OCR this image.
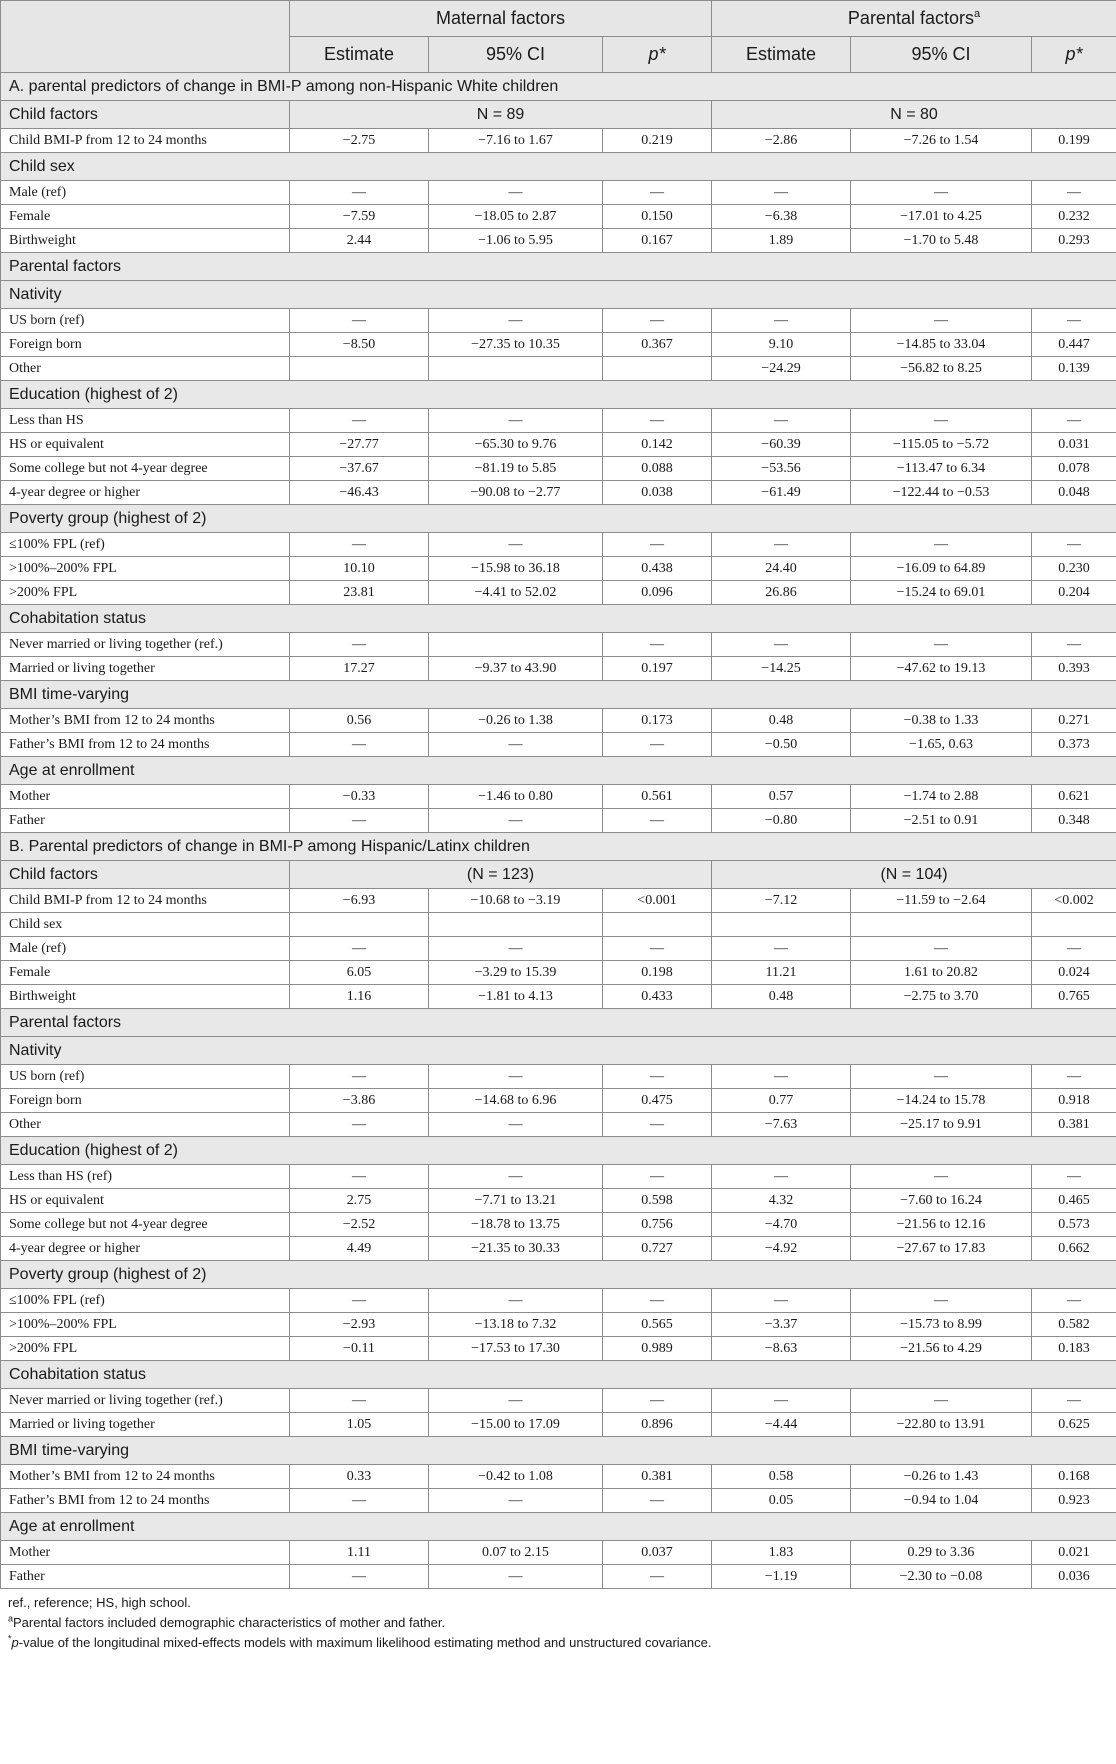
	Maternal factors			Parental factors$^a$
	Estimate	95% CI	p*	Estimate	95% CI	p*
A. parental predictors of change in BMI-P among non-Hispanic White children						
Child factors	N = 89			N = 80		
Child BMI-P from 12 to 24 months	−2.75	−7.16 to 1.67	0.219	−2.86	−7.26 to 1.54	0.199
Child sex						
Male (ref)	—	—	—	—	—	—
Female	−7.59	−18.05 to 2.87	0.150	−6.38	−17.01 to 4.25	0.232
Birthweight	2.44	−1.06 to 5.95	0.167	1.89	−1.70 to 5.48	0.293
Parental factors						
Nativity						
US born (ref)	—	—	—	—	—	—
Foreign born	−8.50	−27.35 to 10.35	0.367	9.10	−14.85 to 33.04	0.447
Other				−24.29	−56.82 to 8.25	0.139
Education (highest of 2)						
Less than HS	—	—	—	—	—	—
HS or equivalent	−27.77	−65.30 to 9.76	0.142	−60.39	−115.05 to −5.72	0.031
Some college but not 4-year degree	−37.67	−81.19 to 5.85	0.088	−53.56	−113.47 to 6.34	0.078
4-year degree or higher	−46.43	−90.08 to −2.77	0.038	−61.49	−122.44 to −0.53	0.048
Poverty group (highest of 2)						
≤100% FPL (ref)	—	—	—	—	—	—
>100%–200% FPL	10.10	−15.98 to 36.18	0.438	24.40	−16.09 to 64.89	0.230
>200% FPL	23.81	−4.41 to 52.02	0.096	26.86	−15.24 to 69.01	0.204
Cohabitation status						
Never married or living together (ref.)	—		—	—	—	—
Married or living together	17.27	−9.37 to 43.90	0.197	−14.25	−47.62 to 19.13	0.393
BMI time-varying						
Mother’s BMI from 12 to 24 months	0.56	−0.26 to 1.38	0.173	0.48	−0.38 to 1.33	0.271
Father’s BMI from 12 to 24 months	—	—	—	−0.50	−1.65, 0.63	0.373
Age at enrollment						
Mother	−0.33	−1.46 to 0.80	0.561	0.57	−1.74 to 2.88	0.621
Father	—	—	—	−0.80	−2.51 to 0.91	0.348
B. Parental predictors of change in BMI-P among Hispanic/Latinx children						
Child factors	(N = 123)			(N = 104)		
Child BMI-P from 12 to 24 months	−6.93	−10.68 to −3.19	<0.001	−7.12	−11.59 to −2.64	<0.002
Child sex						
Male (ref)	—	—	—	—	—	—
Female	6.05	−3.29 to 15.39	0.198	11.21	1.61 to 20.82	0.024
Birthweight	1.16	−1.81 to 4.13	0.433	0.48	−2.75 to 3.70	0.765
Parental factors						
Nativity						
US born (ref)	—	—	—	—	—	—
Foreign born	−3.86	−14.68 to 6.96	0.475	0.77	−14.24 to 15.78	0.918
Other	—	—	—	−7.63	−25.17 to 9.91	0.381
Education (highest of 2)						
Less than HS (ref)	—	—	—	—	—	—
HS or equivalent	2.75	−7.71 to 13.21	0.598	4.32	−7.60 to 16.24	0.465
Some college but not 4-year degree	−2.52	−18.78 to 13.75	0.756	−4.70	−21.56 to 12.16	0.573
4-year degree or higher	4.49	−21.35 to 30.33	0.727	−4.92	−27.67 to 17.83	0.662
Poverty group (highest of 2)						
≤100% FPL (ref)	—	—	—	—	—	—
>100%–200% FPL	−2.93	−13.18 to 7.32	0.565	−3.37	−15.73 to 8.99	0.582
>200% FPL	−0.11	−17.53 to 17.30	0.989	−8.63	−21.56 to 4.29	0.183
Cohabitation status						
Never married or living together (ref.)	—	—	—	—	—	—
Married or living together	1.05	−15.00 to 17.09	0.896	−4.44	−22.80 to 13.91	0.625
BMI time-varying						
Mother’s BMI from 12 to 24 months	0.33	−0.42 to 1.08	0.381	0.58	−0.26 to 1.43	0.168
Father’s BMI from 12 to 24 months	—	—	—	0.05	−0.94 to 1.04	0.923
Age at enrollment						
Mother	1.11	0.07 to 2.15	0.037	1.83	0.29 to 3.36	0.021
Father	—	—	—	−1.19	−2.30 to −0.08	0.036
ref., reference; HS, high school.
$^a$Parental factors included demographic characteristics of mother and father.
*p-value of the longitudinal mixed-effects models with maximum likelihood estimating method and unstructured covariance.
